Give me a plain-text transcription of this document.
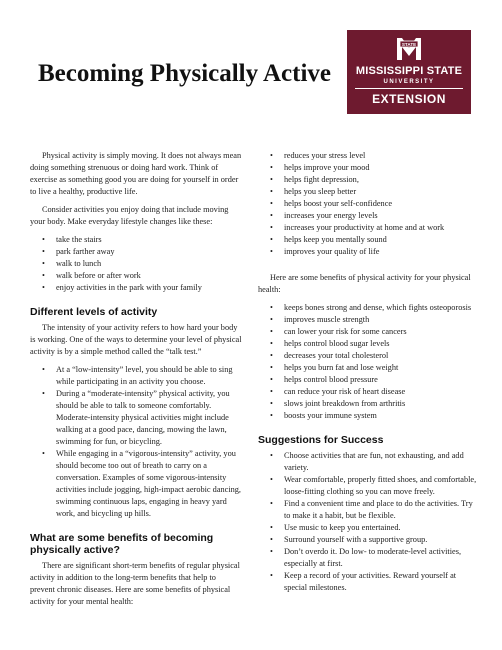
Becoming Physically Active
STATE
MISSISSIPPI STATE
UNIVERSITY
EXTENSION

Physical activity is simply moving. It does not always mean doing something strenuous or doing hard work. Think of exercise as something good you are doing for yourself in order to live a healthy, productive life.

Consider activities you enjoy doing that include moving your body. Make everyday lifestyle changes like these:

• take the stairs
• park farther away
• walk to lunch
• walk before or after work
• enjoy activities in the park with your family
Different levels of activity

The intensity of your activity refers to how hard your body is working. One of the ways to determine your level of physical activity is by a simple method called the “talk test.”

• At a “low-intensity” level, you should be able to sing while participating in an activity you choose.
• During a “moderate-intensity” physical activity, you should be able to talk to someone comfortably. Moderate-intensity physical activities might include walking at a good pace, dancing, mowing the lawn, swimming for fun, or bicycling.
• While engaging in a “vigorous-intensity” activity, you should become too out of breath to carry on a conversation. Examples of some vigorous-intensity activities include jogging, high-impact aerobic dancing, swimming continuous laps, engaging in heavy yard work, and bicycling up hills.
What are some benefits of becoming physically active?

There are significant short-term benefits of regular physical activity in addition to the long-term benefits that help to prevent chronic diseases. Here are some benefits of physical activity for your mental health:

• reduces your stress level
• helps improve your mood
• helps fight depression,
• helps you sleep better
• helps boost your self-confidence
• increases your energy levels
• increases your productivity at home and at work
• helps keep you mentally sound
• improves your quality of life

Here are some benefits of physical activity for your physical health:

• keeps bones strong and dense, which fights osteoporosis
• improves muscle strength
• can lower your risk for some cancers
• helps control blood sugar levels
• decreases your total cholesterol
• helps you burn fat and lose weight
• helps control blood pressure
• can reduce your risk of heart disease
• slows joint breakdown from arthritis
• boosts your immune system
Suggestions for Success
• Choose activities that are fun, not exhausting, and add variety.
• Wear comfortable, properly fitted shoes, and comfortable, loose-fitting clothing so you can move freely.
• Find a convenient time and place to do the activities. Try to make it a habit, but be flexible.
• Use music to keep you entertained.
• Surround yourself with a supportive group.
• Don’t overdo it. Do low- to moderate-level activities, especially at first.
• Keep a record of your activities. Reward yourself at special milestones.
